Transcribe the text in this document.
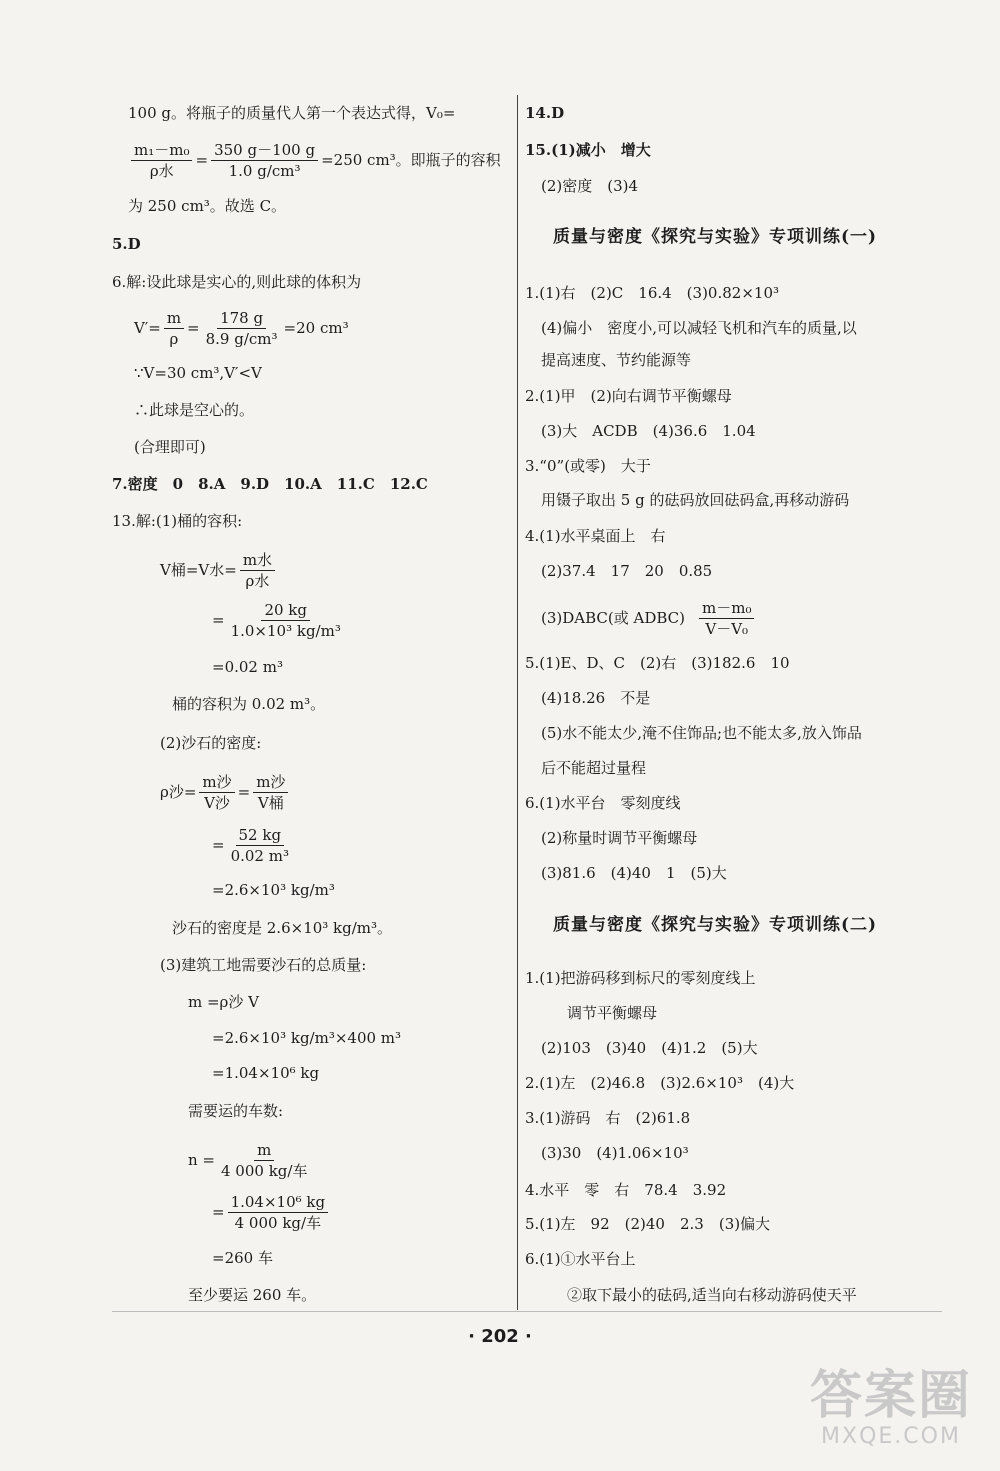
100 g。将瓶子的质量代人第一个表达式得，V₀=
$\frac{\text{m₁－m₀}}{\text{ρ水}} = \frac{350 g-100 g}{\text{1.0 g/cm³}} =250$ cm³。即瓶子的容积
为 250 cm³。故选 C。
5.D
6.解:设此球是实心的,则此球的体积为
$V'= \frac{m}{\rho} = \frac{178 g}{\text{8.9 g/cm³}} =20$ cm³
∵V=30 cm³,V′<V
∴此球是空心的。
(合理即可)
7.密度　0　8.A　9.D　10.A　11.C　12.C
13.解:(1)桶的容积:
V桶=V水= $\frac{\text{m水}}{\text{ρ水}}$
= $\frac{20 kg}{\text{1.0×10³ kg/m³}}$
=0.02 m³
桶的容积为 0.02 m³。
(2)沙石的密度:
ρ沙= $\frac{\text{m沙}}{\text{V沙}} = \frac{\text{m沙}}{\text{V桶}}$
= $\frac{52 kg}{\text{0.02 m³}}$
=2.6×10³ kg/m³
沙石的密度是 2.6×10³ kg/m³。
(3)建筑工地需要沙石的总质量:
m =ρ沙 V
=2.6×10³ kg/m³×400 m³
=1.04×10⁶ kg
需要运的车数:
$n = \frac{m}{\text{4 000 kg/车}}$
= $\frac{\text{1.04×10⁶ kg}}{\text{4 000 kg/车}}$
=260 车
至少要运 260 车。
14.D
15.(1)减小　增大
(2)密度　(3)4
质量与密度《探究与实验》专项训练(一)
1.(1)右　(2)C　16.4　(3)0.82×10³
(4)偏小　密度小,可以减轻飞机和汽车的质量,以
提高速度、节约能源等
2.(1)甲　(2)向右调节平衡螺母
(3)大　ACDB　(4)36.6　1.04
3.“0”(或零)　大于
用镊子取出 5 g 的砝码放回砝码盒,再移动游码
4.(1)水平桌面上　右
(2)37.4　17　20　0.85
(3)DABC(或 ADBC) $\frac{\text{m－m₀}}{\text{V－V₀}}$
5.(1)E、D、C　(2)右　(3)182.6　10
(4)18.26　不是
(5)水不能太少,淹不住饰品;也不能太多,放入饰品
后不能超过量程
6.(1)水平台　零刻度线
(2)称量时调节平衡螺母
(3)81.6　(4)40　1　(5)大
质量与密度《探究与实验》专项训练(二)
1.(1)把游码移到标尺的零刻度线上
调节平衡螺母
(2)103　(3)40　(4)1.2　(5)大
2.(1)左　(2)46.8　(3)2.6×10³　(4)大
3.(1)游码　右　(2)61.8
(3)30　(4)1.06×10³
4.水平　零　右　78.4　3.92
5.(1)左　92　(2)40　2.3　(3)偏大
6.(1)①水平台上
②取下最小的砝码,适当向右移动游码使天平
· 202 ·
答案圈
MXQE.COM
